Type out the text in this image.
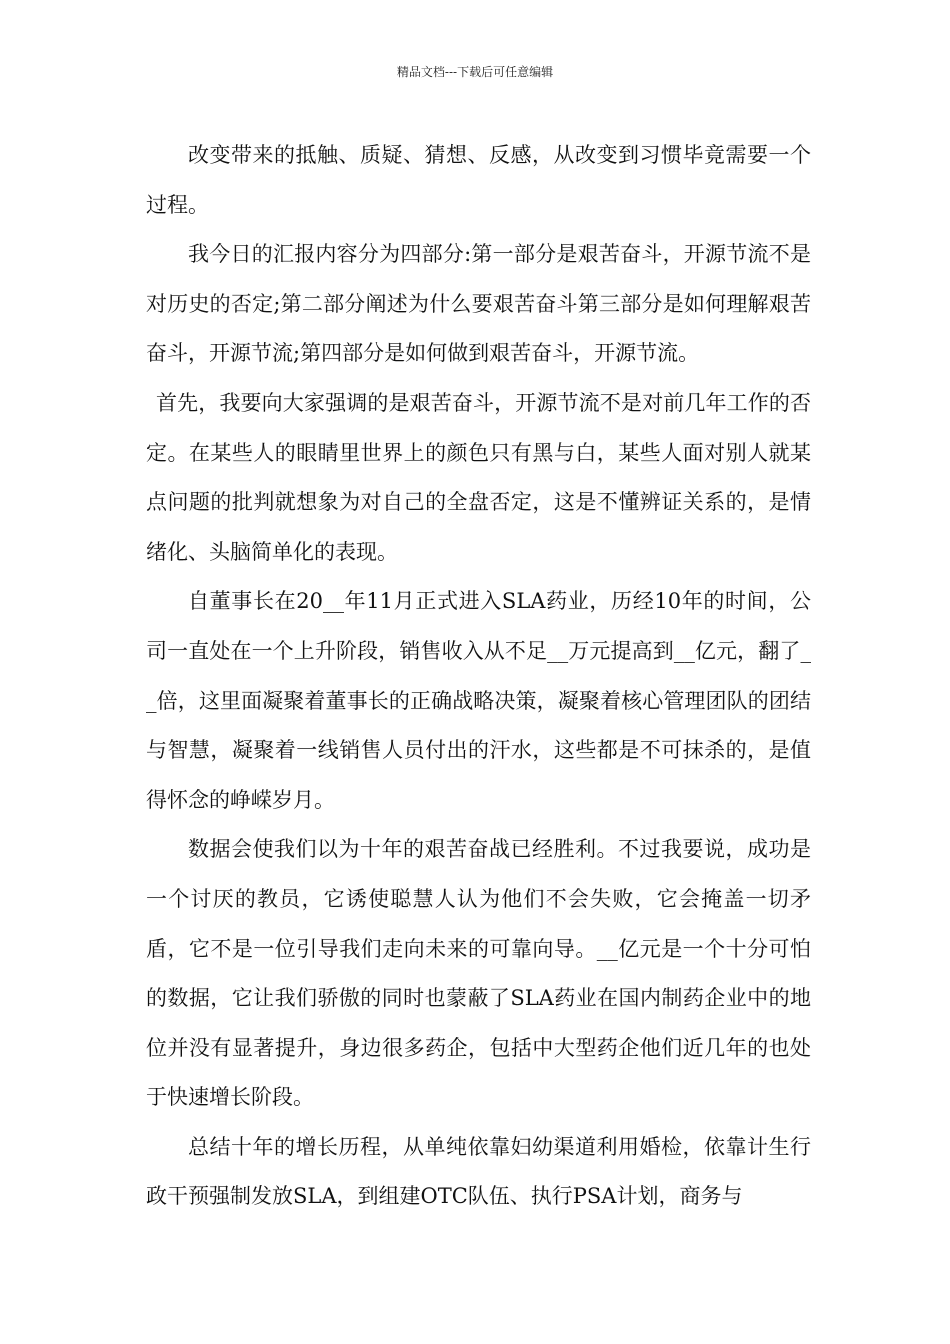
精品文档---下载后可任意编辑

改变带来的抵触、质疑、猜想、反感，从改变到习惯毕竟需要一个过程。

我今日的汇报内容分为四部分:第一部分是艰苦奋斗，开源节流不是对历史的否定;第二部分阐述为什么要艰苦奋斗第三部分是如何理解艰苦奋斗，开源节流;第四部分是如何做到艰苦奋斗，开源节流。

首先，我要向大家强调的是艰苦奋斗，开源节流不是对前几年工作的否定。在某些人的眼睛里世界上的颜色只有黑与白，某些人面对别人就某点问题的批判就想象为对自己的全盘否定，这是不懂辨证关系的，是情绪化、头脑简单化的表现。

自董事长在20__年11月正式进入SLA药业，历经10年的时间，公司一直处在一个上升阶段，销售收入从不足__万元提高到__亿元，翻了__倍，这里面凝聚着董事长的正确战略决策，凝聚着核心管理团队的团结与智慧，凝聚着一线销售人员付出的汗水，这些都是不可抹杀的，是值得怀念的峥嵘岁月。

数据会使我们以为十年的艰苦奋战已经胜利。不过我要说，成功是一个讨厌的教员，它诱使聪慧人认为他们不会失败，它会掩盖一切矛盾，它不是一位引导我们走向未来的可靠向导。__亿元是一个十分可怕的数据，它让我们骄傲的同时也蒙蔽了SLA药业在国内制药企业中的地位并没有显著提升，身边很多药企，包括中大型药企他们近几年的也处于快速增长阶段。

总结十年的增长历程，从单纯依靠妇幼渠道利用婚检，依靠计生行政干预强制发放SLA，到组建OTC队伍、执行PSA计划，商务与
